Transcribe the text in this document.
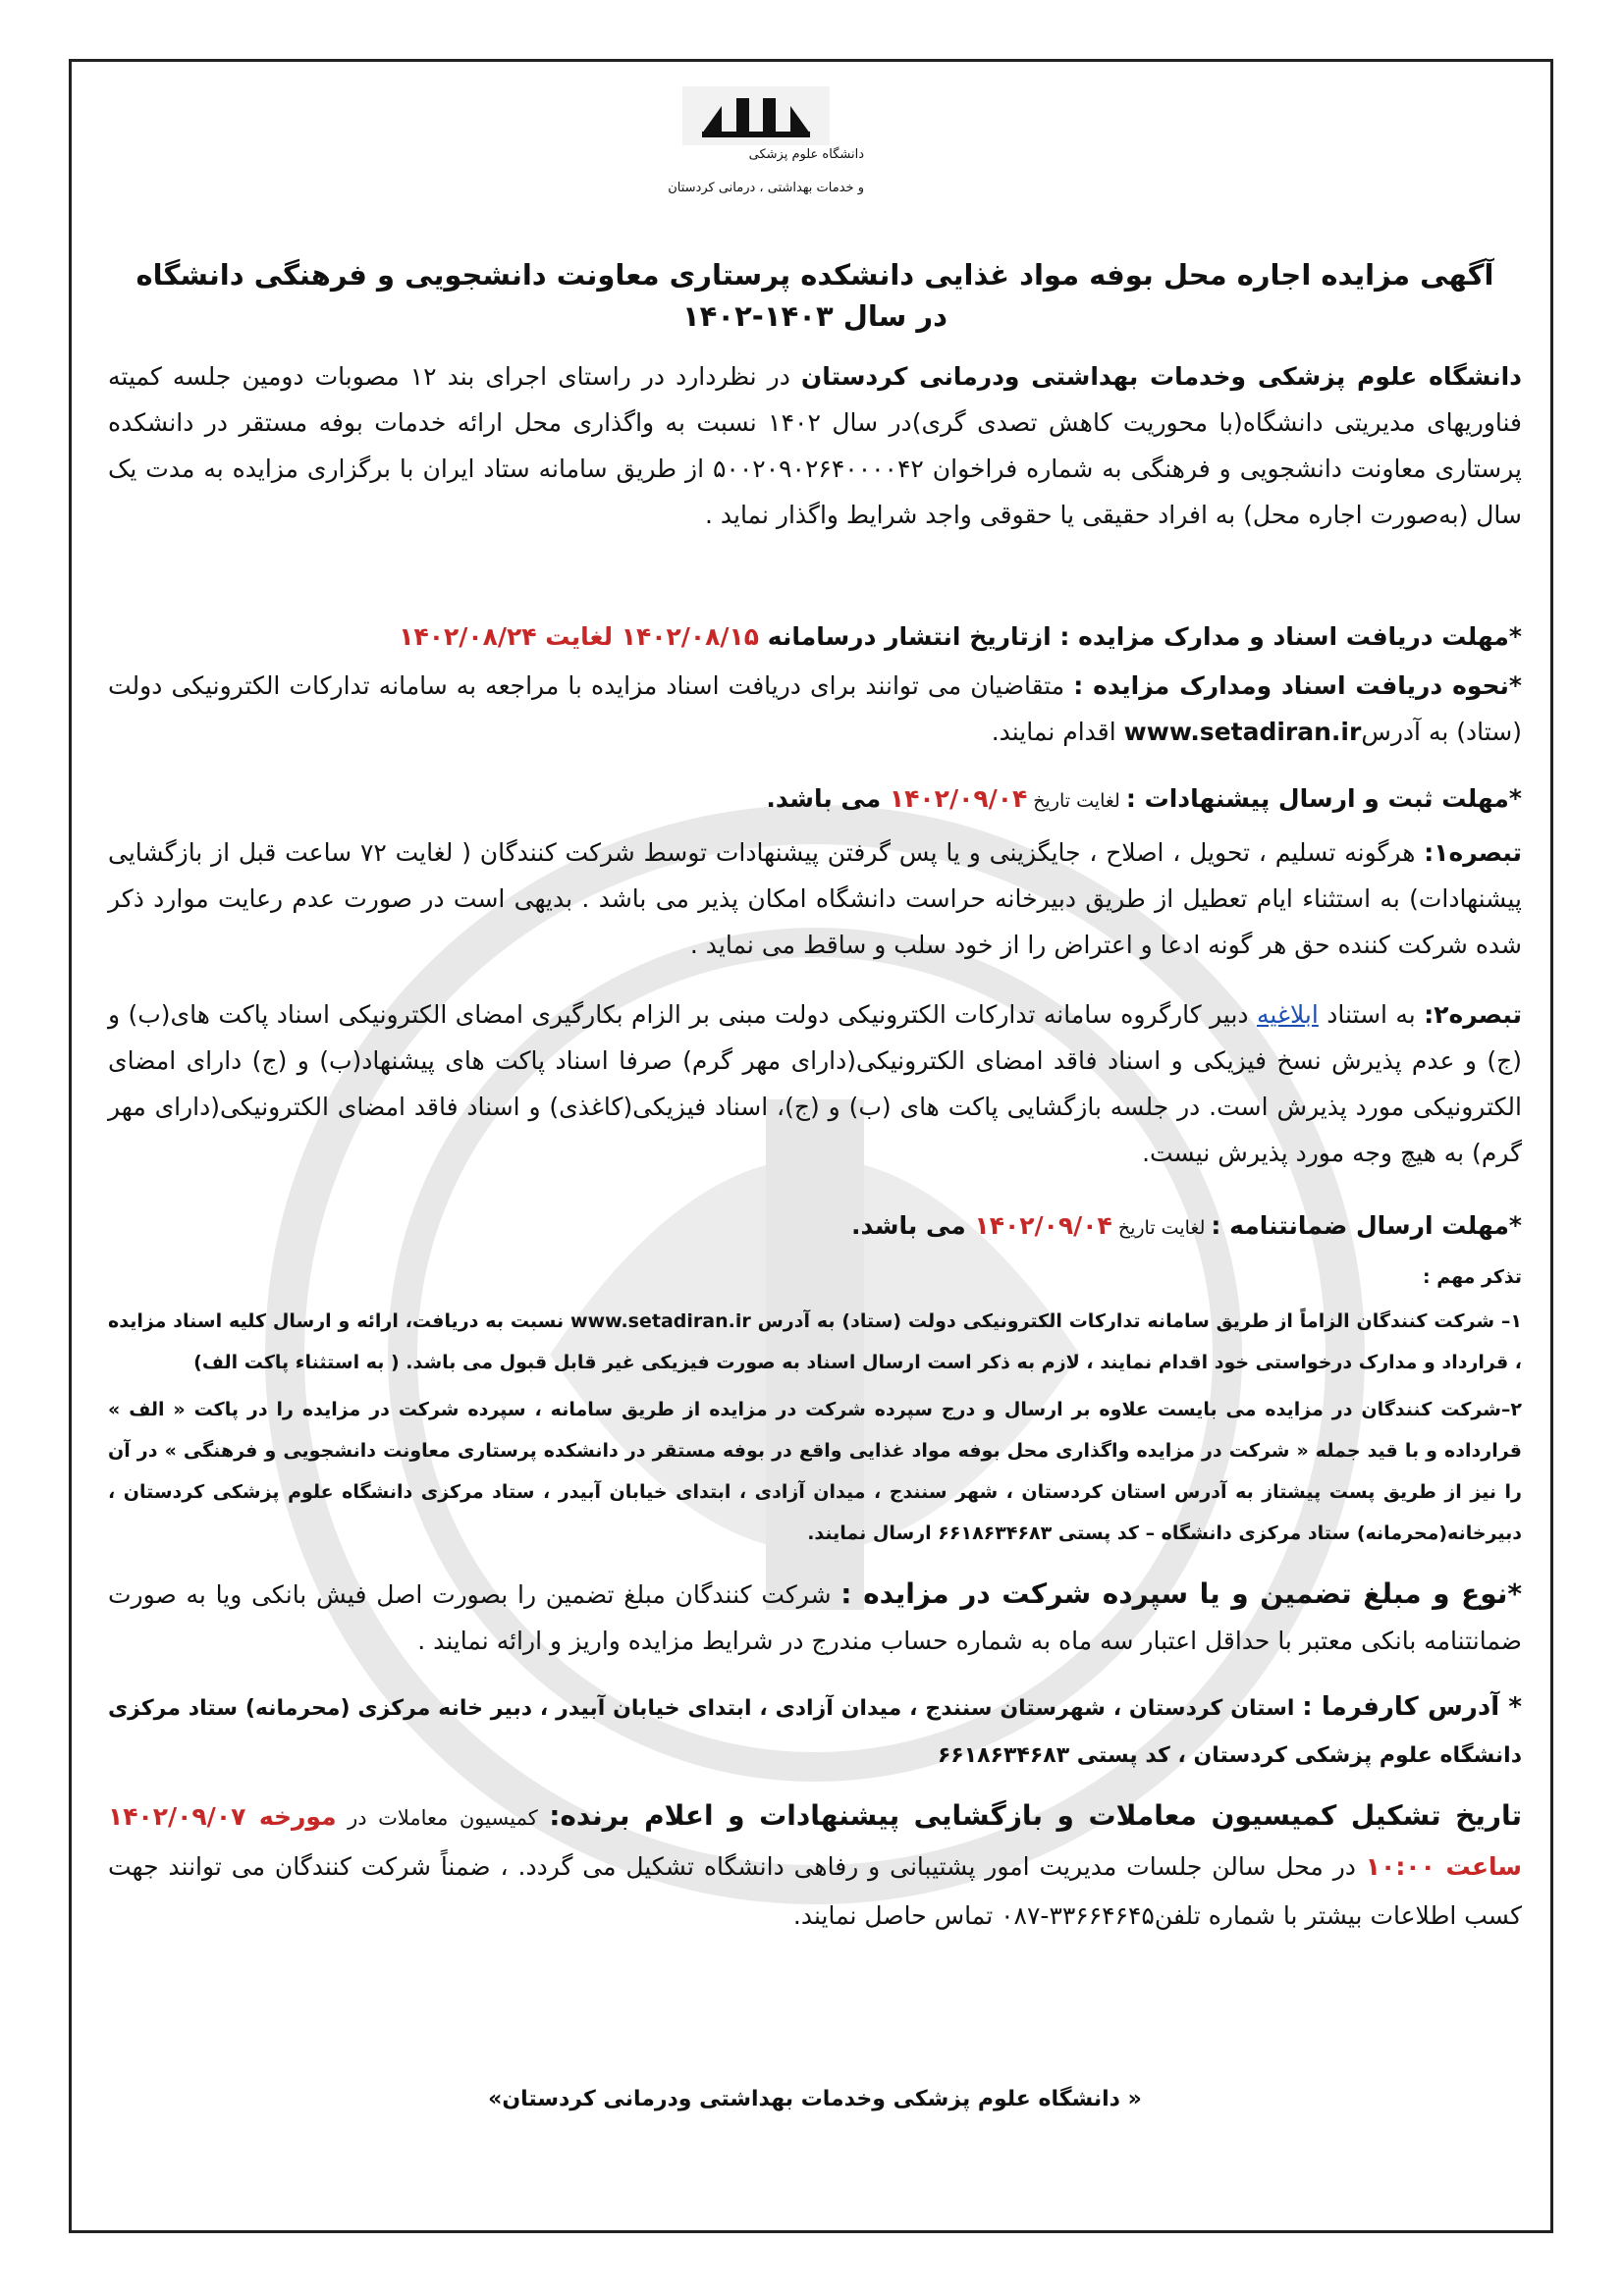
دانشگاه علوم پزشکی
و خدمات بهداشتی ، درمانی کردستان
آگهی مزایده اجاره محل بوفه مواد غذایی دانشکده پرستاری معاونت دانشجویی و فرهنگی دانشگاه
در سال ۱۴۰۳-۱۴۰۲
دانشگاه علوم پزشکی وخدمات بهداشتی ودرمانی کردستان در نظردارد در راستای اجرای بند ۱۲ مصوبات دومین جلسه کمیته فناوریهای مدیریتی دانشگاه(با محوریت کاهش تصدی گری)در سال ۱۴۰۲ نسبت به واگذاری محل ارائه خدمات بوفه مستقر در دانشکده پرستاری معاونت دانشجویی و فرهنگی به شماره فراخوان ۵۰۰۲۰۹۰۲۶۴۰۰۰۰۴۲ از طریق سامانه ستاد ایران با برگزاری مزایده به مدت یک سال (به‌صورت اجاره محل) به افراد حقیقی یا حقوقی واجد شرایط واگذار نماید .
*مهلت دریافت اسناد و مدارک مزایده : ازتاریخ انتشار درسامانه ۱۴۰۲/۰۸/۱۵ لغایت ۱۴۰۲/۰۸/۲۴
*نحوه دریافت اسناد ومدارک مزایده : متقاضیان می توانند برای دریافت اسناد مزایده با مراجعه به سامانه تدارکات الکترونیکی دولت (ستاد) به آدرسwww.setadiran.ir اقدام نمایند.
*مهلت ثبت و ارسال پیشنهادات : لغایت تاریخ ۱۴۰۲/۰۹/۰۴ می باشد.
تبصره۱: هرگونه تسلیم ، تحویل ، اصلاح ، جایگزینی و یا پس گرفتن پیشنهادات توسط شرکت کنندگان ( لغایت ۷۲ ساعت قبل از بازگشایی پیشنهادات) به استثناء ایام تعطیل از طریق دبیرخانه حراست دانشگاه امکان پذیر می باشد . بدیهی است در صورت عدم رعایت موارد ذکر شده شرکت کننده حق هر گونه ادعا و اعتراض را از خود سلب و ساقط می نماید .
تبصره۲: به استناد ابلاغیه دبیر کارگروه سامانه تدارکات الکترونیکی دولت مبنی بر الزام بکارگیری امضای الکترونیکی اسناد پاکت های(ب) و (ج) و عدم پذیرش نسخ فیزیکی و اسناد فاقد امضای الکترونیکی(دارای مهر گرم) صرفا اسناد پاکت های پیشنهاد(ب) و (ج) دارای امضای الکترونیکی مورد پذیرش است. در جلسه بازگشایی پاکت های (ب) و (ج)، اسناد فیزیکی(کاغذی) و اسناد فاقد امضای الکترونیکی(دارای مهر گرم) به هیچ وجه مورد پذیرش نیست.
*مهلت ارسال ضمانتنامه : لغایت تاریخ ۱۴۰۲/۰۹/۰۴ می باشد.
تذکر مهم :
۱– شرکت کنندگان الزاماً از طریق سامانه تدارکات الکترونیکی دولت (ستاد) به آدرس www.setadiran.ir نسبت به دریافت، ارائه و ارسال کلیه اسناد مزایده ، قرارداد و مدارک درخواستی خود اقدام نمایند ، لازم به ذکر است ارسال اسناد به صورت فیزیکی غیر قابل قبول می باشد. ( به استثناء پاکت الف)
۲–شرکت کنندگان در مزایده می بایست علاوه بر ارسال و درج سپرده شرکت در مزایده از طریق سامانه ، سپرده شرکت در مزایده را در پاکت « الف » قرارداده و با قید جمله « شرکت در مزایده واگذاری محل بوفه مواد غذایی واقع در بوفه مستقر در دانشکده پرستاری معاونت دانشجویی و فرهنگی » در آن را نیز از طریق پست پیشتاز به آدرس استان کردستان ، شهر سنندج ، میدان آزادی ، ابتدای خیابان آبیدر ، ستاد مرکزی دانشگاه علوم پزشکی کردستان ، دبیرخانه(محرمانه) ستاد مرکزی دانشگاه – کد پستی ۶۶۱۸۶۳۴۶۸۳ ارسال نمایند.
*نوع و مبلغ تضمین و یا سپرده شرکت در مزایده : شرکت کنندگان مبلغ تضمین را بصورت اصل فیش بانکی ویا به صورت ضمانتنامه بانکی معتبر با حداقل اعتبار سه ماه به شماره حساب مندرج در شرایط مزایده واریز و ارائه نمایند .
* آدرس کارفرما : استان کردستان ، شهرستان سنندج ، میدان آزادی ، ابتدای خیابان آبیدر ، دبیر خانه مرکزی (محرمانه) ستاد مرکزی دانشگاه علوم پزشکی کردستان ، کد پستی ۶۶۱۸۶۳۴۶۸۳
تاریخ تشکیل کمیسیون معاملات و بازگشایی پیشنهادات و اعلام برنده: کمیسیون معاملات در مورخه ۱۴۰۲/۰۹/۰۷ ساعت ۱۰:۰۰ در محل سالن جلسات مدیریت امور پشتیبانی و رفاهی دانشگاه تشکیل می گردد. ، ضمناً شرکت کنندگان می توانند جهت کسب اطلاعات بیشتر با شماره تلفن۳۳۶۶۴۶۴۵-۰۸۷ تماس حاصل نمایند.
« دانشگاه علوم پزشکی وخدمات بهداشتی ودرمانی کردستان»
